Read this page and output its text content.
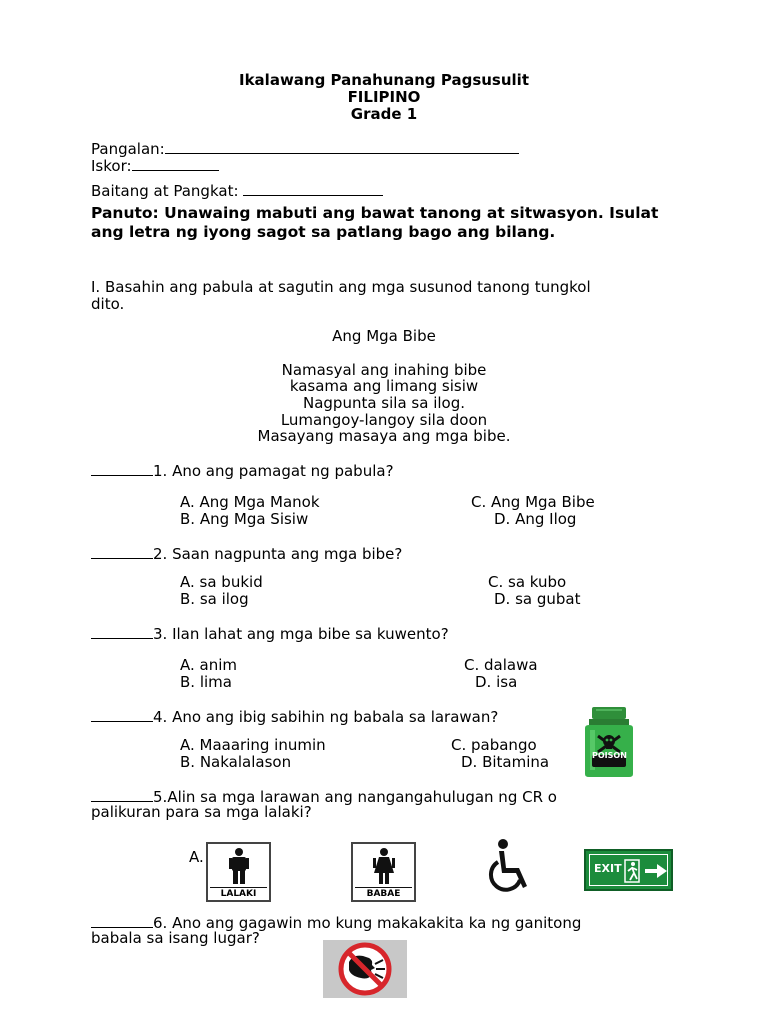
Ikalawang Panahunang Pagsusulit
FILIPINO
Grade 1
Pangalan:
Iskor:
Baitang at Pangkat:
Panuto: Unawaing mabuti ang bawat tanong at sitwasyon. Isulat ang letra ng iyong sagot sa patlang bago ang bilang.
I. Basahin ang pabula at sagutin ang mga susunod tanong tungkol
dito.
Ang Mga Bibe
Namasyal ang inahing bibe
kasama ang limang sisiw
Nagpunta sila sa ilog.
Lumangoy-langoy sila doon
Masayang masaya ang mga bibe.
1. Ano ang pamagat ng pabula?
A. Ang Mga Manok
B. Ang Mga Sisiw
C. Ang Mga Bibe
D. Ang Ilog
2. Saan nagpunta ang mga bibe?
A. sa bukid
B. sa ilog
C. sa kubo
D. sa gubat
3. Ilan lahat ang mga bibe sa kuwento?
A. anim
B. lima
C. dalawa
D. isa
4. Ano ang ibig sabihin ng babala sa larawan?
A. Maaaring inumin
B. Nakalalason
C. pabango
D. Bitamina	POISON
5.Alin sa mga larawan ang nangangahulugan ng CR o
palikuran para sa mga lalaki?
A.
LALAKI	BABAE
EXIT
6. Ano ang gagawin mo kung makakakita ka ng ganitong
babala sa isang lugar?
